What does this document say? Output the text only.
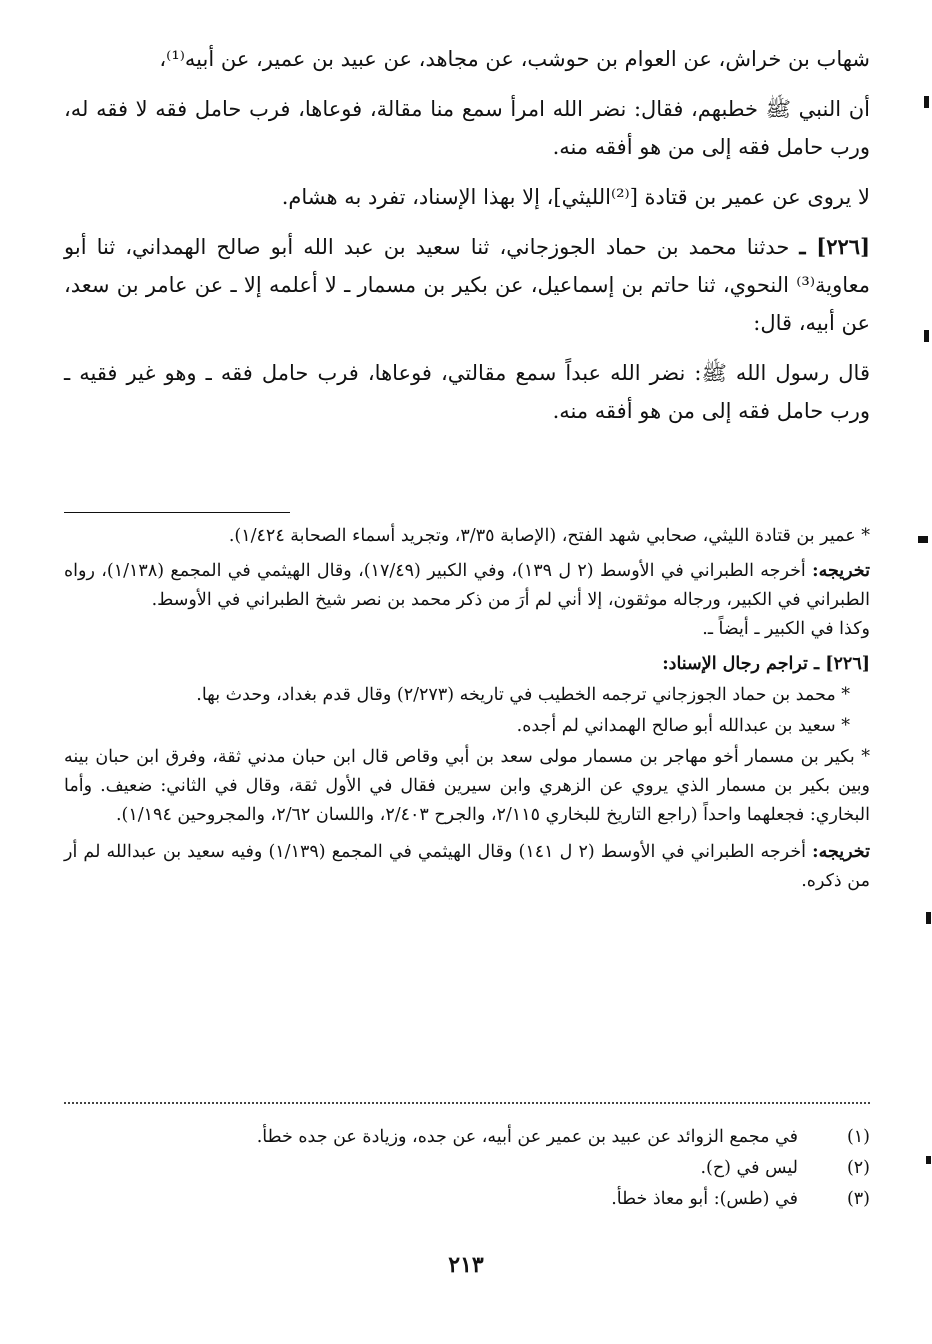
شهاب بن خراش، عن العوام بن حوشب، عن مجاهد، عن عبيد بن عمير، عن أبيه⁽¹⁾،

أن النبي ﷺ خطبهم، فقال: نضر الله امرأ سمع منا مقالة، فوعاها، فرب حامل فقه لا فقه له، ورب حامل فقه إلى من هو أفقه منه.

لا يروى عن عمير بن قتادة [⁽²⁾الليثي]، إلا بهذا الإسناد، تفرد به هشام.

[٢٢٦] ـ حدثنا محمد بن حماد الجوزجاني، ثنا سعيد بن عبد الله أبو صالح الهمداني، ثنا أبو معاوية⁽³⁾ النحوي، ثنا حاتم بن إسماعيل، عن بكير بن مسمار ـ لا أعلمه إلا ـ عن عامر بن سعد، عن أبيه، قال:

قال رسول الله ﷺ: نضر الله عبداً سمع مقالتي، فوعاها، فرب حامل فقه ـ وهو غير فقيه ـ ورب حامل فقه إلى من هو أفقه منه.

* عمير بن قتادة الليثي، صحابي شهد الفتح، (الإصابة ٣/٣٥، وتجريد أسماء الصحابة ١/٤٢٤).

تخريجه: أخرجه الطبراني في الأوسط (٢ ل ١٣٩)، وفي الكبير (١٧/٤٩)، وقال الهيثمي في المجمع (١/١٣٨)، رواه الطبراني في الكبير، ورجاله موثقون، إلا أني لم أرَ من ذكر محمد بن نصر شيخ الطبراني في الأوسط.
وكذا في الكبير ـ أيضاً ـ.

[٢٢٦] ـ تراجم رجال الإسناد:

* محمد بن حماد الجوزجاني ترجمه الخطيب في تاريخه (٢/٢٧٣) وقال قدم بغداد، وحدث بها.

* سعيد بن عبدالله أبو صالح الهمداني لم أجده.

* بكير بن مسمار أخو مهاجر بن مسمار مولى سعد بن أبي وقاص قال ابن حبان مدني ثقة، وفرق ابن حبان بينه وبين بكير بن مسمار الذي يروي عن الزهري وابن سيرين فقال في الأول ثقة، وقال في الثاني: ضعيف. وأما البخاري: فجعلهما واحداً (راجع التاريخ للبخاري ٢/١١٥، والجرح ٢/٤٠٣، واللسان ٢/٦٢، والمجروحين ١/١٩٤).

تخريجه: أخرجه الطبراني في الأوسط (٢ ل ١٤١) وقال الهيثمي في المجمع (١/١٣٩) وفيه سعيد بن عبدالله لم أر من ذكره.

(١)
في مجمع الزوائد عن عبيد بن عمير عن أبيه، عن جده، وزيادة عن جده خطأ.
(٢)
ليس في (ح).
(٣)
في (طس): أبو معاذ خطأ.
٢١٣
